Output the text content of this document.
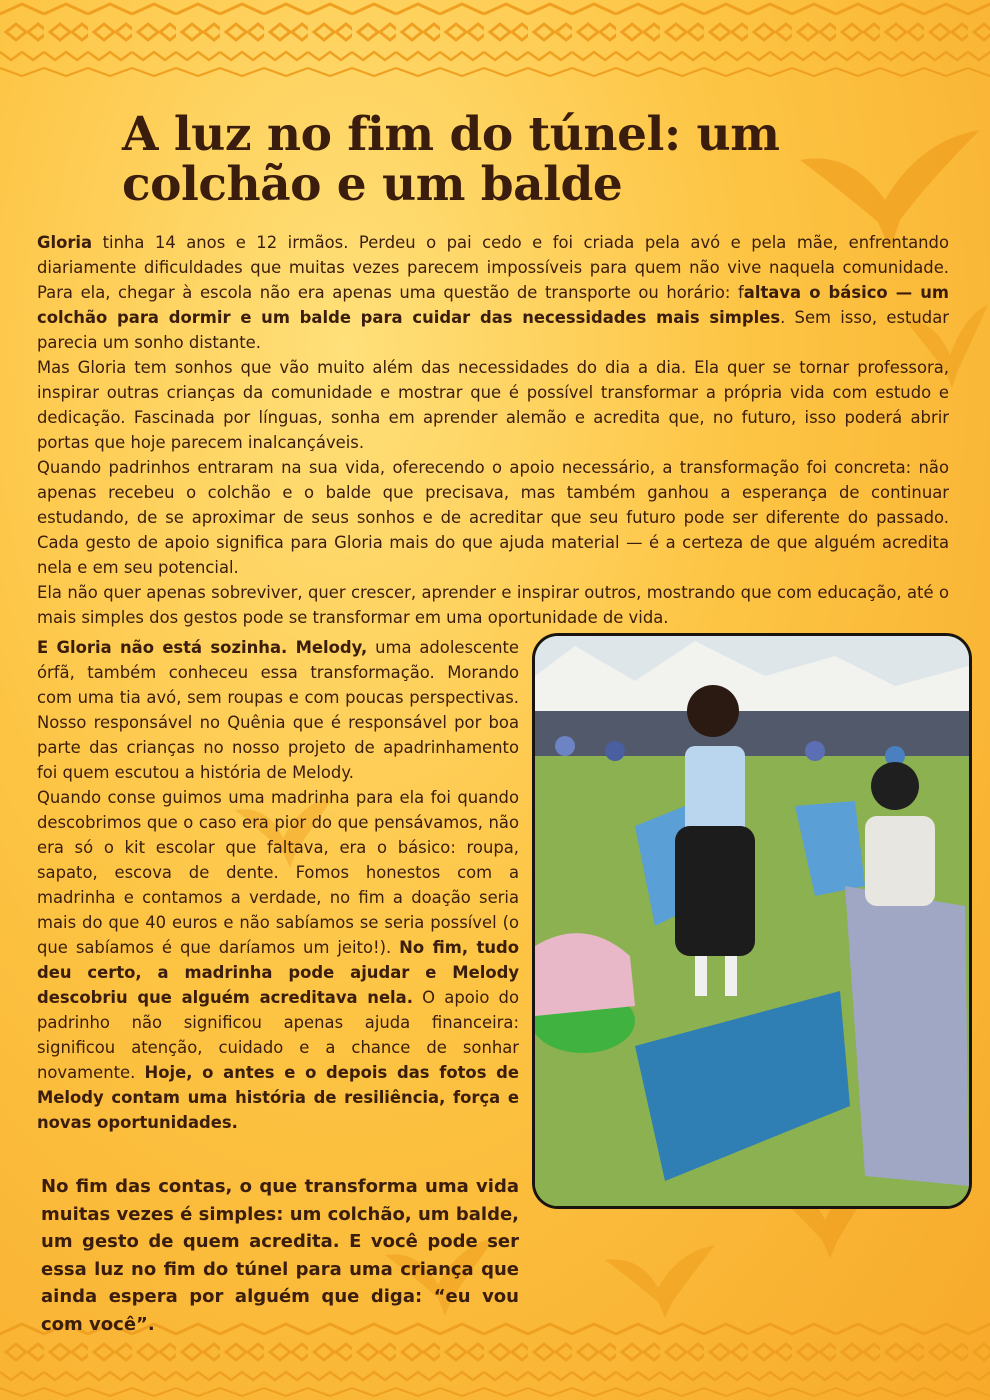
A luz no fim do túnel: um colchão e um balde

Gloria tinha 14 anos e 12 irmãos. Perdeu o pai cedo e foi criada pela avó e pela mãe, enfrentando diariamente dificuldades que muitas vezes parecem impossíveis para quem não vive naquela comunidade. Para ela, chegar à escola não era apenas uma questão de transporte ou horário: faltava o básico — um colchão para dormir e um balde para cuidar das necessidades mais simples. Sem isso, estudar parecia um sonho distante.

Mas Gloria tem sonhos que vão muito além das necessidades do dia a dia. Ela quer se tornar professora, inspirar outras crianças da comunidade e mostrar que é possível transformar a própria vida com estudo e dedicação. Fascinada por línguas, sonha em aprender alemão e acredita que, no futuro, isso poderá abrir portas que hoje parecem inalcançáveis.

Quando padrinhos entraram na sua vida, oferecendo o apoio necessário, a transformação foi concreta: não apenas recebeu o colchão e o balde que precisava, mas também ganhou a esperança de continuar estudando, de se aproximar de seus sonhos e de acreditar que seu futuro pode ser diferente do passado. Cada gesto de apoio significa para Gloria mais do que ajuda material — é a certeza de que alguém acredita nela e em seu potencial.

Ela não quer apenas sobreviver, quer crescer, aprender e inspirar outros, mostrando que com educação, até o mais simples dos gestos pode se transformar em uma oportunidade de vida.

E Gloria não está sozinha. Melody, uma adolescente órfã, também conheceu essa transformação. Morando com uma tia avó, sem roupas e com poucas perspectivas. Nosso responsável no Quênia que é responsável por boa parte das crianças no nosso projeto de apadrinhamento foi quem escutou a história de Melody.

Quando conse guimos uma madrinha para ela foi quando descobrimos que o caso era pior do que pensávamos, não era só o kit escolar que faltava, era o básico: roupa, sapato, escova de dente. Fomos honestos com a madrinha e contamos a verdade, no fim a doação seria mais do que 40 euros e não sabíamos se seria possível (o que sabíamos é que daríamos um jeito!). No fim, tudo deu certo, a madrinha pode ajudar e Melody descobriu que alguém acreditava nela. O apoio do padrinho não significou apenas ajuda financeira: significou atenção, cuidado e a chance de sonhar novamente. Hoje, o antes e o depois das fotos de Melody contam uma história de resiliência, força e novas oportunidades.

No fim das contas, o que transforma uma vida muitas vezes é simples: um colchão, um balde, um gesto de quem acredita. E você pode ser essa luz no fim do túnel para uma criança que ainda espera por alguém que diga: “eu vou com você”.
